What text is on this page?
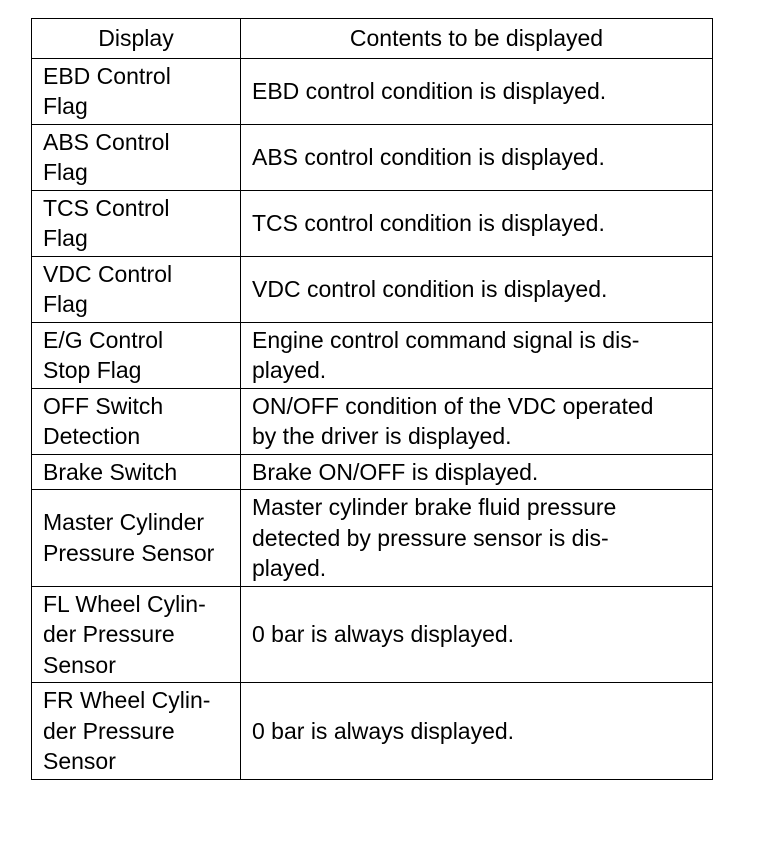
Display	Contents to be displayed

EBD Control
Flag	EBD control condition is displayed.

ABS Control
Flag	ABS control condition is displayed.

TCS Control
Flag	TCS control condition is displayed.

VDC Control
Flag	VDC control condition is displayed.

E/G Control
Stop Flag	Engine control command signal is dis-
played.

OFF Switch
Detection	ON/OFF condition of the VDC operated
by the driver is displayed.

Brake Switch	Brake ON/OFF is displayed.

Master Cylinder
Pressure Sensor	Master cylinder brake fluid pressure
detected by pressure sensor is dis-
played.

FL Wheel Cylin-
der Pressure
Sensor	0 bar is always displayed.

FR Wheel Cylin-
der Pressure
Sensor	0 bar is always displayed.
